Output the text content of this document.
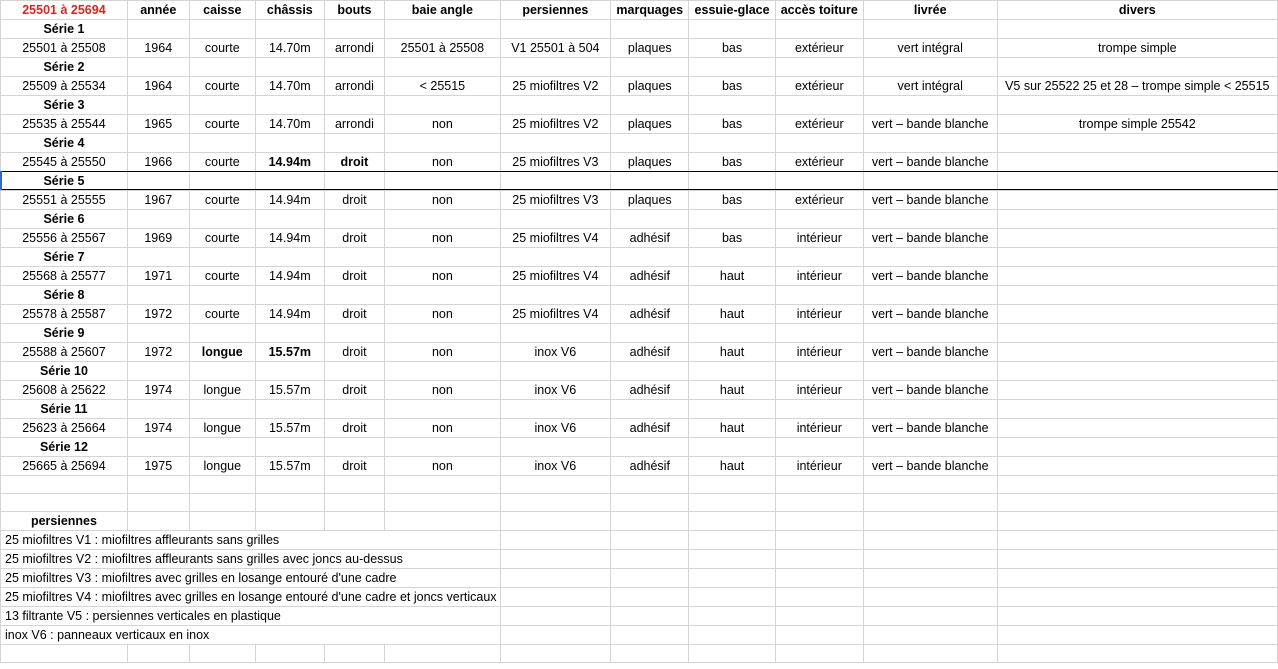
25501 à 25694	année	caisse	châssis	bouts	baie angle	persiennes	marquages	essuie-glace	accès toiture	livrée	divers
Série 1											
25501 à 25508	1964	courte	14.70m	arrondi	25501 à 25508	V1 25501 à 504	plaques	bas	extérieur	vert intégral	trompe simple
Série 2											
25509 à 25534	1964	courte	14.70m	arrondi	< 25515	25 miofiltres V2	plaques	bas	extérieur	vert intégral	V5 sur 25522 25 et 28 – trompe simple < 25515
Série 3											
25535 à 25544	1965	courte	14.70m	arrondi	non	25 miofiltres V2	plaques	bas	extérieur	vert – bande blanche	trompe simple 25542
Série 4											
25545 à 25550	1966	courte	14.94m	droit	non	25 miofiltres V3	plaques	bas	extérieur	vert – bande blanche	
Série 5											
25551 à 25555	1967	courte	14.94m	droit	non	25 miofiltres V3	plaques	bas	extérieur	vert – bande blanche	
Série 6											
25556 à 25567	1969	courte	14.94m	droit	non	25 miofiltres V4	adhésif	bas	intérieur	vert – bande blanche	
Série 7											
25568 à 25577	1971	courte	14.94m	droit	non	25 miofiltres V4	adhésif	haut	intérieur	vert – bande blanche	
Série 8											
25578 à 25587	1972	courte	14.94m	droit	non	25 miofiltres V4	adhésif	haut	intérieur	vert – bande blanche	
Série 9											
25588 à 25607	1972	longue	15.57m	droit	non	inox V6	adhésif	haut	intérieur	vert – bande blanche	
Série 10											
25608 à 25622	1974	longue	15.57m	droit	non	inox V6	adhésif	haut	intérieur	vert – bande blanche	
Série 11											
25623 à 25664	1974	longue	15.57m	droit	non	inox V6	adhésif	haut	intérieur	vert – bande blanche	
Série 12											
25665 à 25694	1975	longue	15.57m	droit	non	inox V6	adhésif	haut	intérieur	vert – bande blanche	

persiennes											
25 miofiltres V1 : miofiltres affleurants sans grilles											
25 miofiltres V2 : miofiltres affleurants sans grilles avec joncs au-dessus											
25 miofiltres V3 : miofiltres avec grilles en losange entouré d'une cadre											
25 miofiltres V4 : miofiltres avec grilles en losange entouré d'une cadre et joncs verticaux											
13 filtrante V5 : persiennes verticales en plastique											
inox V6 : panneaux verticaux en inox											
